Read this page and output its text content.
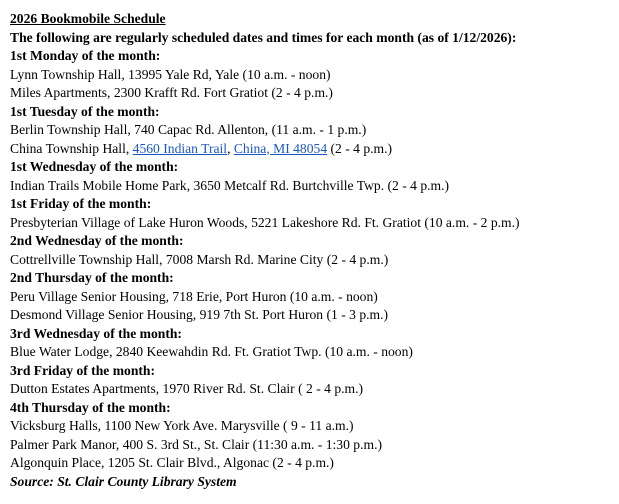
2026 Bookmobile Schedule
The following are regularly scheduled dates and times for each month (as of 1/12/2026):
1st Monday of the month:
Lynn Township Hall, 13995 Yale Rd, Yale (10 a.m. - noon)
Miles Apartments, 2300 Krafft Rd. Fort Gratiot (2 - 4 p.m.)
1st Tuesday of the month:
Berlin Township Hall, 740 Capac Rd. Allenton, (11 a.m. - 1 p.m.)
China Township Hall, 4560 Indian Trail, China, MI 48054 (2 - 4 p.m.)
1st Wednesday of the month:
Indian Trails Mobile Home Park, 3650 Metcalf Rd. Burtchville Twp. (2 - 4 p.m.)
1st Friday of the month:
Presbyterian Village of Lake Huron Woods, 5221 Lakeshore Rd. Ft. Gratiot (10 a.m. - 2 p.m.)
2nd Wednesday of the month:
Cottrellville Township Hall, 7008 Marsh Rd. Marine City (2 - 4 p.m.)
2nd Thursday of the month:
Peru Village Senior Housing, 718 Erie, Port Huron (10 a.m. - noon)
Desmond Village Senior Housing, 919 7th St. Port Huron (1 - 3 p.m.)
3rd Wednesday of the month:
Blue Water Lodge, 2840 Keewahdin Rd. Ft. Gratiot Twp. (10 a.m. - noon)
3rd Friday of the month:
Dutton Estates Apartments, 1970 River Rd. St. Clair ( 2 - 4 p.m.)
4th Thursday of the month:
Vicksburg Halls, 1100 New York Ave. Marysville ( 9 - 11 a.m.)
Palmer Park Manor, 400 S. 3rd St., St. Clair (11:30 a.m. - 1:30 p.m.)
Algonquin Place, 1205 St. Clair Blvd., Algonac (2 - 4 p.m.)
Source: St. Clair County Library System
